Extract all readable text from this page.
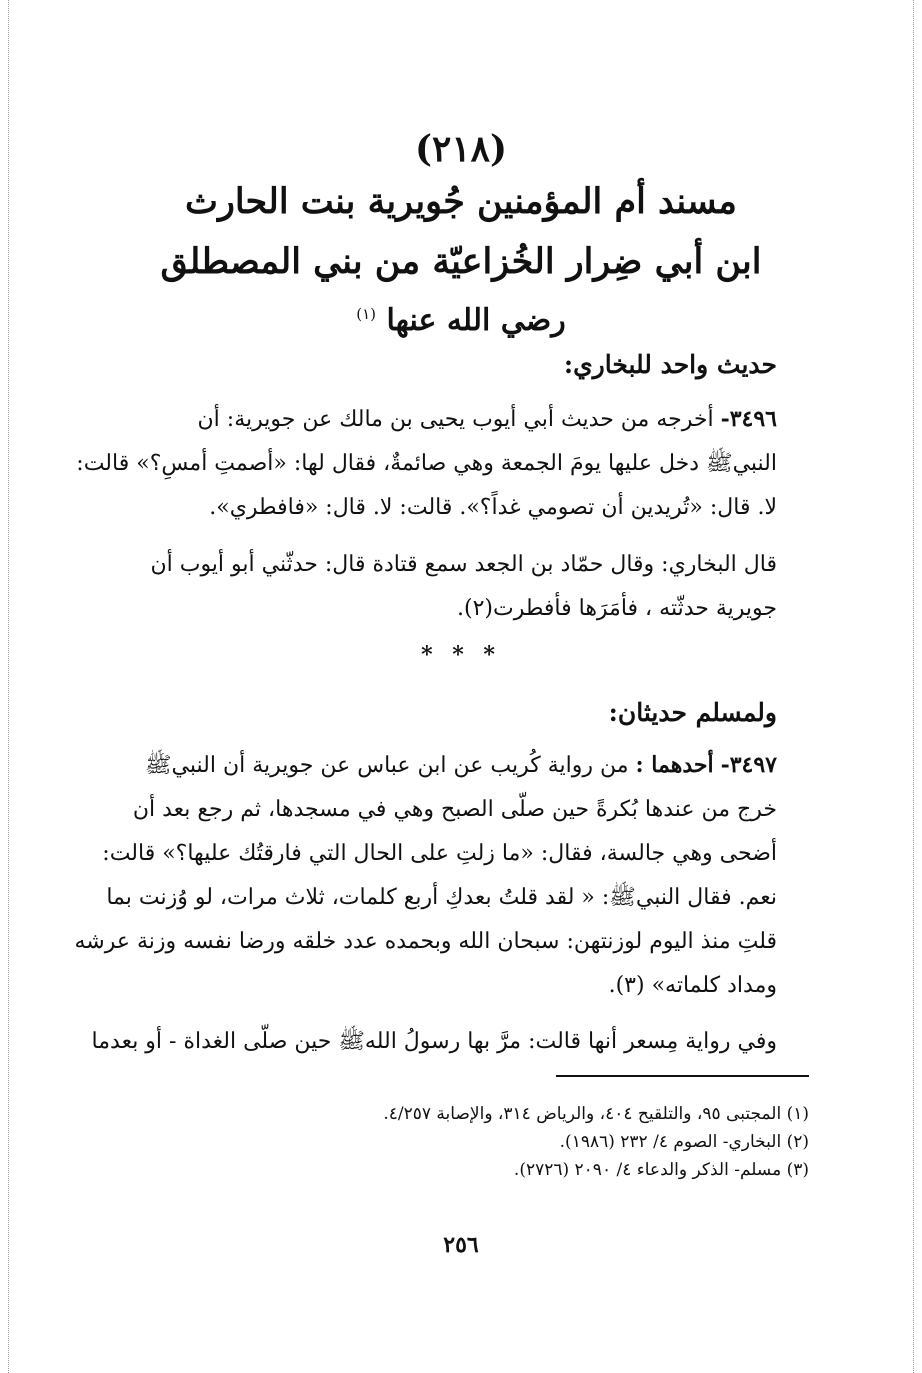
(٢١٨)
مسند أم المؤمنين جُويرية بنت الحارث
ابن أبي ضِرار الخُزاعيّة من بني المصطلق
رضي الله عنها $^{(١)}$
حديث واحد للبخاري:
٣٤٩٦- أخرجه من حديث أبي أيوب يحيى بن مالك عن جويرية: أن
النبيﷺ دخل عليها يومَ الجمعة وهي صائمةٌ، فقال لها: «أصمتِ أمسِ؟» قالت:
لا. قال: «تُريدين أن تصومي غداً؟». قالت: لا. قال: «فافطري».
قال البخاري: وقال حمّاد بن الجعد سمع قتادة قال: حدثّني أبو أيوب أن
جويرية حدثّته ، فأمَرَها فأفطرت(٢).
* * *
ولمسلم حديثان:
٣٤٩٧- أحدهما : من رواية كُريب عن ابن عباس عن جويرية أن النبيﷺ
خرج من عندها بُكرةً حين صلّى الصبح وهي في مسجدها، ثم رجع بعد أن
أضحى وهي جالسة، فقال: «ما زلتِ على الحال التي فارقتُك عليها؟» قالت:
نعم. فقال النبيﷺ: « لقد قلتُ بعدكِ أربع كلمات، ثلاث مرات، لو وُزنت بما
قلتِ منذ اليوم لوزنتهن: سبحان الله وبحمده عدد خلقه ورضا نفسه وزنة عرشه
ومداد كلماته» (٣).
وفي رواية مِسعر أنها قالت: مرَّ بها رسولُ اللهﷺ حين صلّى الغداة - أو بعدما
(١) المجتبى ٩٥، والتلقيح ٤٠٤، والرياض ٣١٤، والإصابة ٤/٢٥٧.
(٢) البخاري- الصوم ٤/ ٢٣٢ (١٩٨٦).
(٣) مسلم- الذكر والدعاء ٤/ ٢٠٩٠ (٢٧٢٦).
٢٥٦
